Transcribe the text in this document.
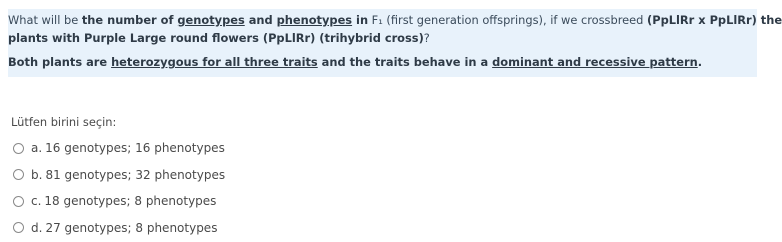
What will be the number of genotypes and phenotypes in F₁ (first generation offsprings), if we crossbreed (PpLlRr x PpLlRr) the

plants with Purple Large round flowers (PpLlRr) (trihybrid cross)?

Both plants are heterozygous for all three traits and the traits behave in a dominant and recessive pattern.

Lütfen birini seçin:
a. 16 genotypes; 16 phenotypes
b. 81 genotypes; 32 phenotypes
c. 18 genotypes; 8 phenotypes
d. 27 genotypes; 8 phenotypes
